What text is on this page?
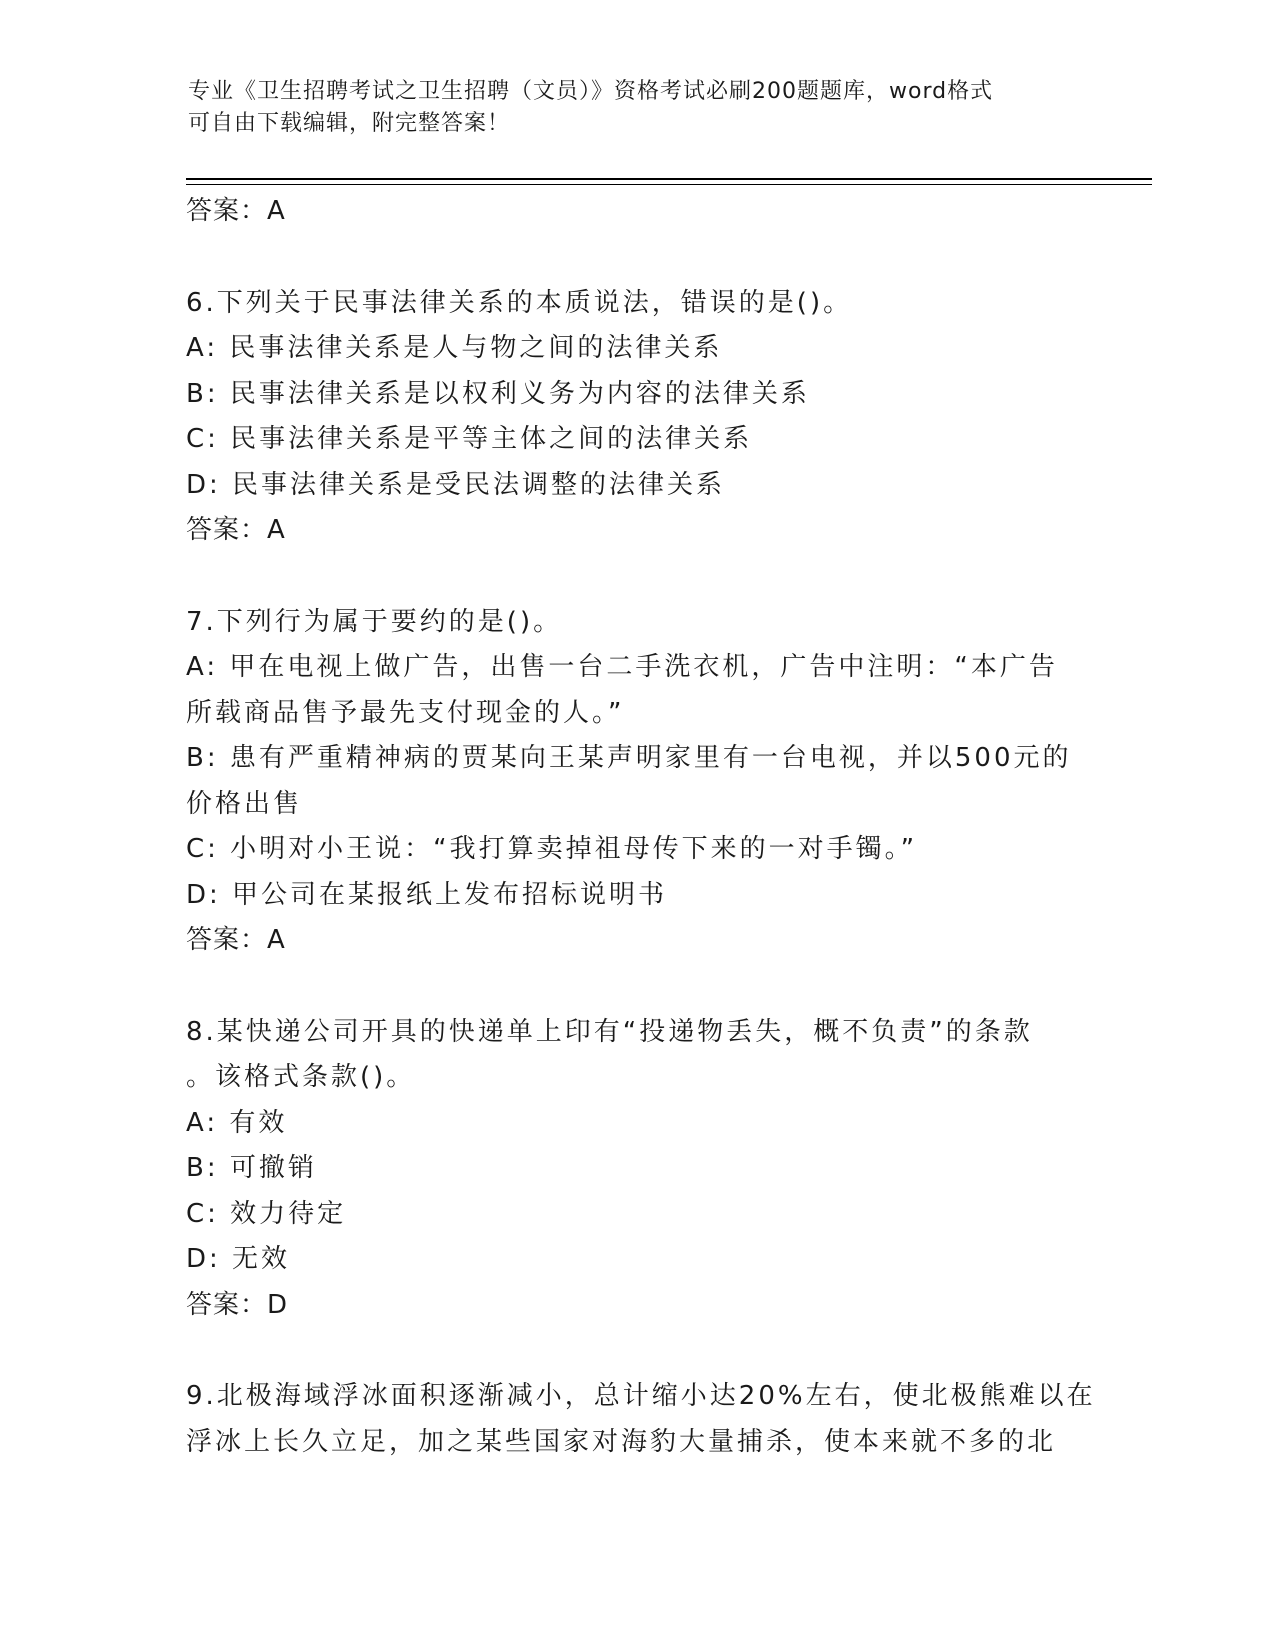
专业《卫生招聘考试之卫生招聘（文员）》资格考试必刷200题题库，word格式
可自由下载编辑，附完整答案！
答案：A
6.下列关于民事法律关系的本质说法，错误的是()。
A: 民事法律关系是人与物之间的法律关系
B: 民事法律关系是以权利义务为内容的法律关系
C: 民事法律关系是平等主体之间的法律关系
D: 民事法律关系是受民法调整的法律关系
答案：A
7.下列行为属于要约的是()。
A: 甲在电视上做广告，出售一台二手洗衣机，广告中注明：“本广告
所载商品售予最先支付现金的人。”
B: 患有严重精神病的贾某向王某声明家里有一台电视，并以500元的
价格出售
C: 小明对小王说：“我打算卖掉祖母传下来的一对手镯。”
D: 甲公司在某报纸上发布招标说明书
答案：A
8.某快递公司开具的快递单上印有“投递物丢失，概不负责”的条款
。该格式条款()。
A: 有效
B: 可撤销
C: 效力待定
D: 无效
答案：D
9.北极海域浮冰面积逐渐减小，总计缩小达20%左右，使北极熊难以在
浮冰上长久立足，加之某些国家对海豹大量捕杀，使本来就不多的北
